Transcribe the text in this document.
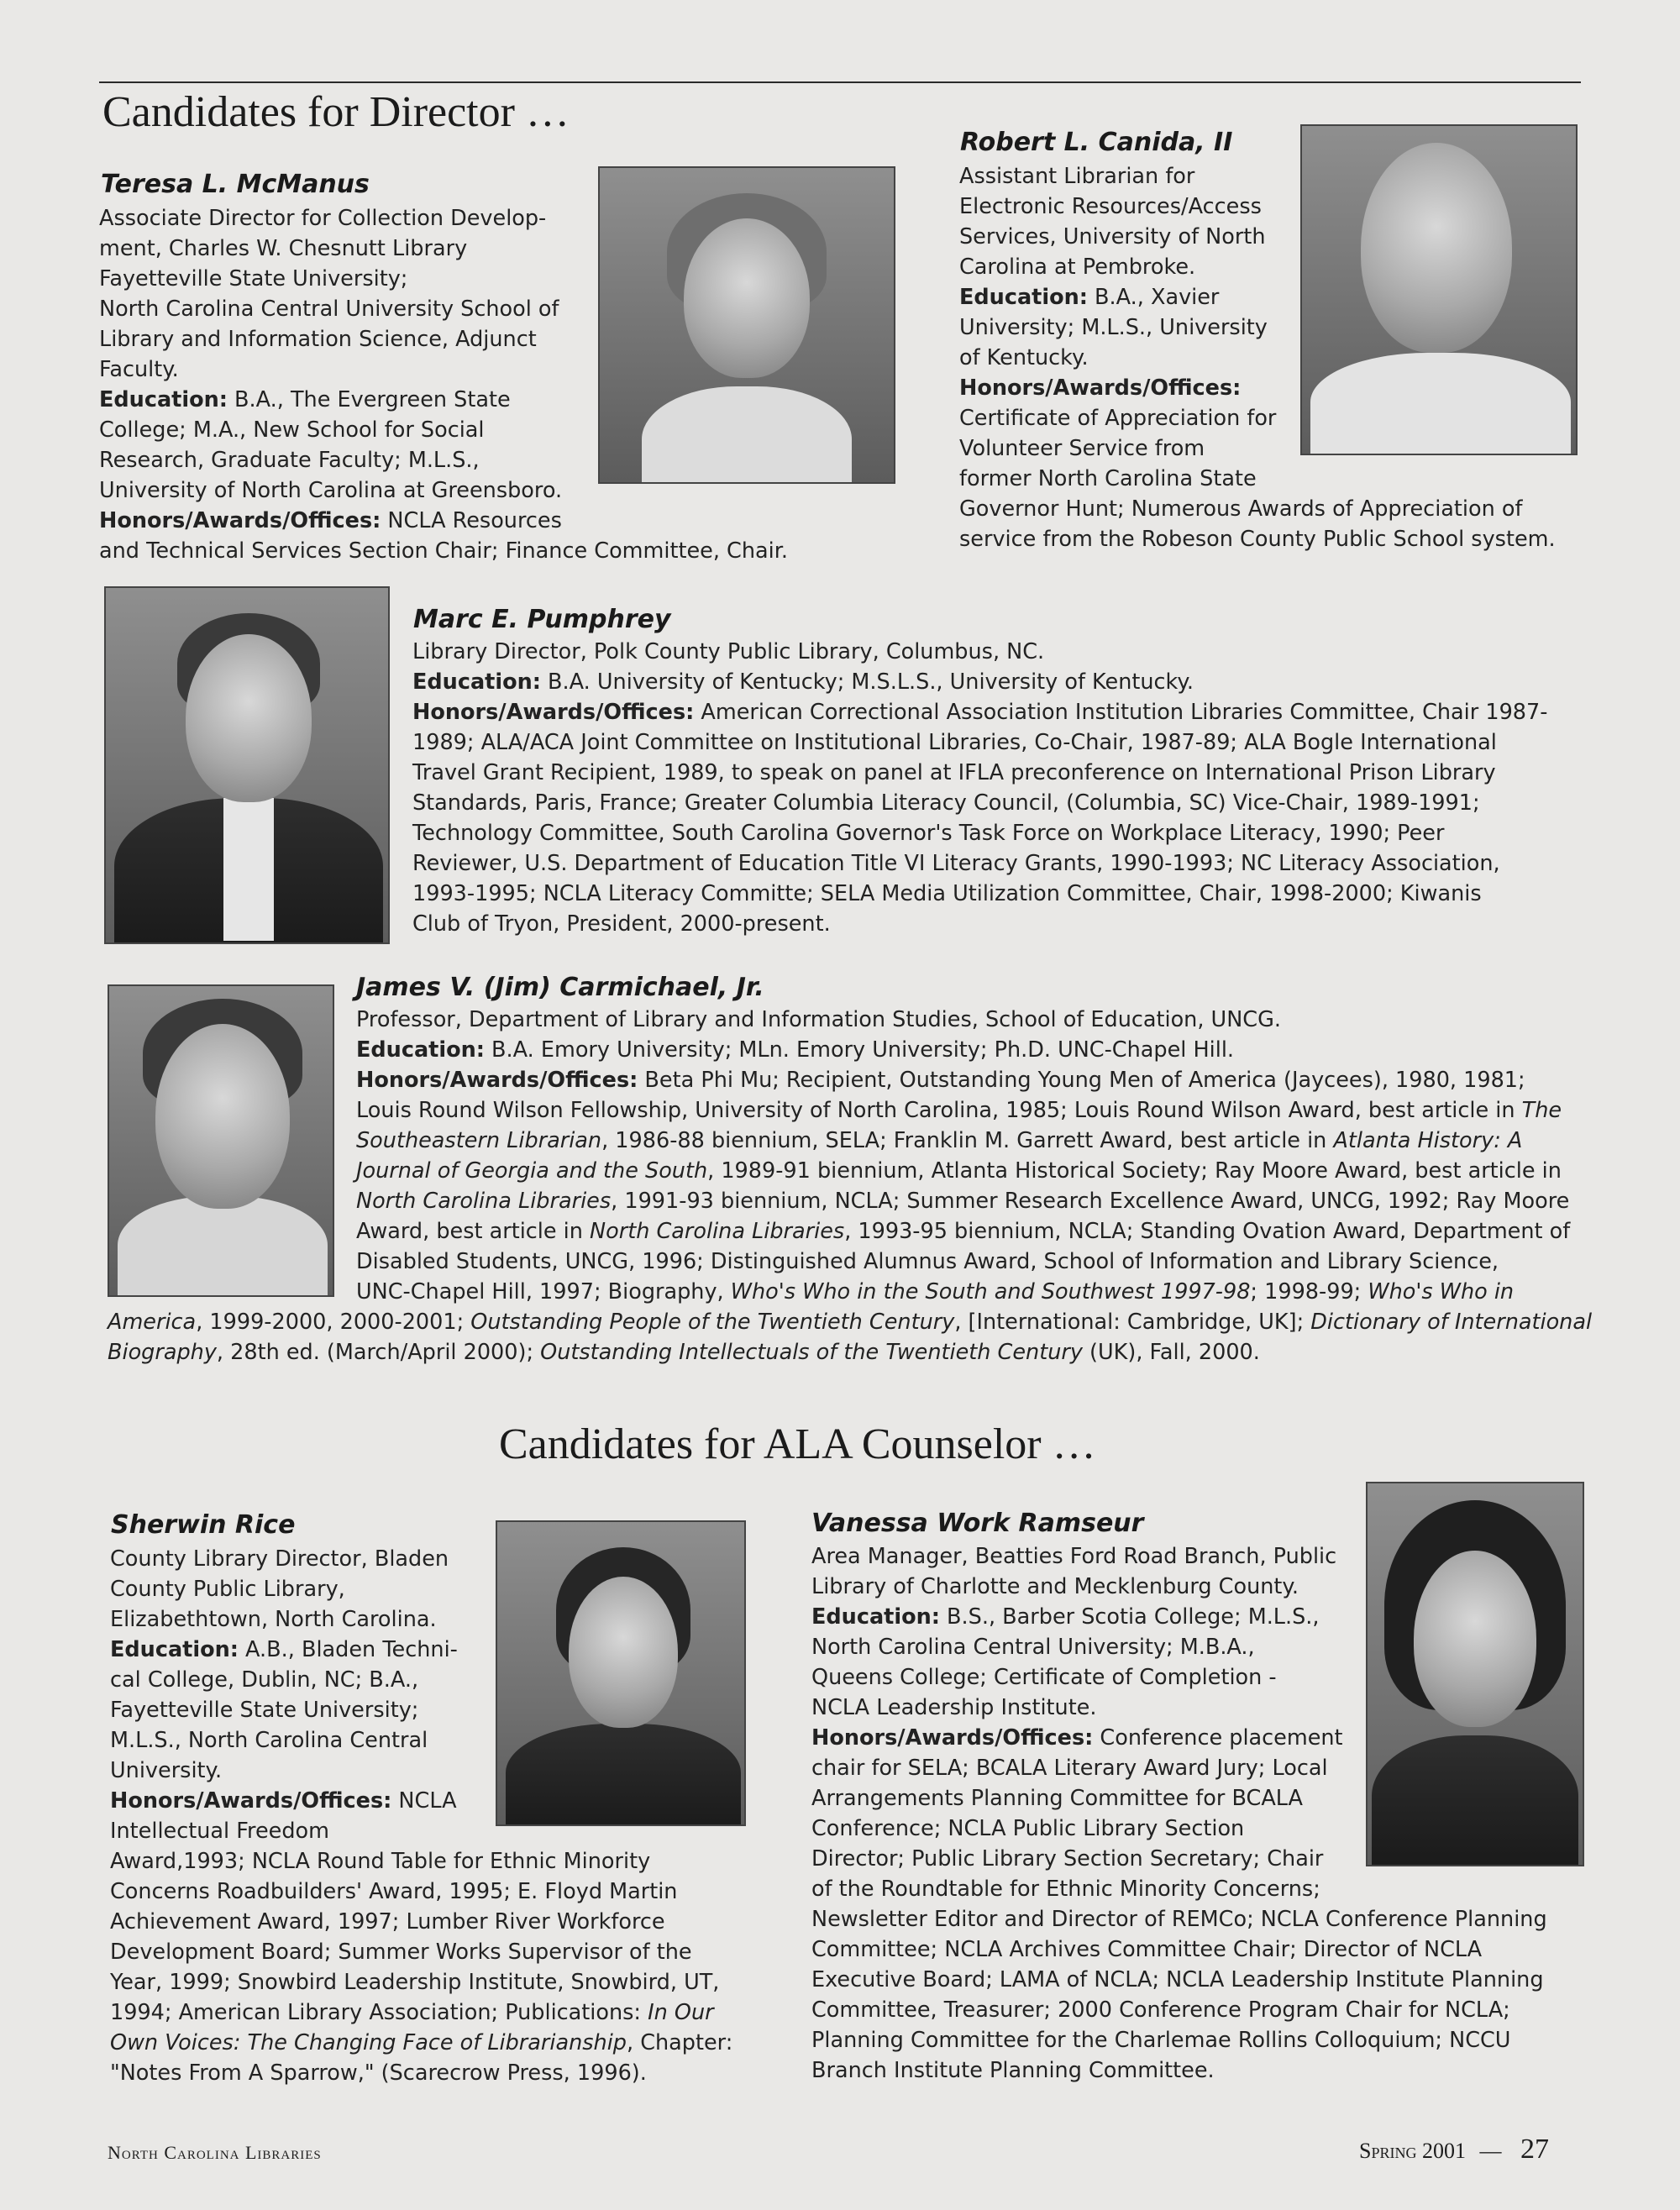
Candidates for Director …
Teresa L. McManus

Associate Director for Collection Develop-

ment, Charles W. Chesnutt Library

Fayetteville State University;

North Carolina Central University School of

Library and Information Science, Adjunct

Faculty.

Education: B.A., The Evergreen State

College; M.A., New School for Social

Research, Graduate Faculty; M.L.S.,

University of North Carolina at Greensboro.

Honors/Awards/Offices: NCLA Resources

and Technical Services Section Chair; Finance Committee, Chair.

Robert L. Canida, II

Assistant Librarian for

Electronic Resources/Access

Services, University of North

Carolina at Pembroke.

Education: B.A., Xavier

University; M.L.S., University

of Kentucky.

Honors/Awards/Offices:

Certificate of Appreciation for

Volunteer Service from

former North Carolina State

Governor Hunt; Numerous Awards of Appreciation of

service from the Robeson County Public School system.

Marc E. Pumphrey

Library Director, Polk County Public Library, Columbus, NC.

Education: B.A. University of Kentucky; M.S.L.S., University of Kentucky.

Honors/Awards/Offices: American Correctional Association Institution Libraries Committee, Chair 1987-

1989; ALA/ACA Joint Committee on Institutional Libraries, Co-Chair, 1987-89; ALA Bogle International

Travel Grant Recipient, 1989, to speak on panel at IFLA preconference on International Prison Library

Standards, Paris, France; Greater Columbia Literacy Council, (Columbia, SC) Vice-Chair, 1989-1991;

Technology Committee, South Carolina Governor's Task Force on Workplace Literacy, 1990; Peer

Reviewer, U.S. Department of Education Title VI Literacy Grants, 1990-1993; NC Literacy Association,

1993-1995; NCLA Literacy Committe; SELA Media Utilization Committee, Chair, 1998-2000; Kiwanis

Club of Tryon, President, 2000-present.

James V. (Jim) Carmichael, Jr.

Professor, Department of Library and Information Studies, School of Education, UNCG.

Education: B.A. Emory University; MLn. Emory University; Ph.D. UNC-Chapel Hill.

Honors/Awards/Offices: Beta Phi Mu; Recipient, Outstanding Young Men of America (Jaycees), 1980, 1981;

Louis Round Wilson Fellowship, University of North Carolina, 1985; Louis Round Wilson Award, best article in The

Southeastern Librarian, 1986-88 biennium, SELA; Franklin M. Garrett Award, best article in Atlanta History: A

Journal of Georgia and the South, 1989-91 biennium, Atlanta Historical Society; Ray Moore Award, best article in

North Carolina Libraries, 1991-93 biennium, NCLA; Summer Research Excellence Award, UNCG, 1992; Ray Moore

Award, best article in North Carolina Libraries, 1993-95 biennium, NCLA; Standing Ovation Award, Department of

Disabled Students, UNCG, 1996; Distinguished Alumnus Award, School of Information and Library Science,

UNC-Chapel Hill, 1997; Biography, Who's Who in the South and Southwest 1997-98; 1998-99; Who's Who in

America, 1999-2000, 2000-2001; Outstanding People of the Twentieth Century, [International: Cambridge, UK]; Dictionary of International

Biography, 28th ed. (March/April 2000); Outstanding Intellectuals of the Twentieth Century (UK), Fall, 2000.

Candidates for ALA Counselor …
Sherwin Rice

County Library Director, Bladen

County Public Library,

Elizabethtown, North Carolina.

Education: A.B., Bladen Techni-

cal College, Dublin, NC; B.A.,

Fayetteville State University;

M.L.S., North Carolina Central

University.

Honors/Awards/Offices: NCLA

Intellectual Freedom

Award,1993; NCLA Round Table for Ethnic Minority

Concerns Roadbuilders' Award, 1995; E. Floyd Martin

Achievement Award, 1997; Lumber River Workforce

Development Board; Summer Works Supervisor of the

Year, 1999; Snowbird Leadership Institute, Snowbird, UT,

1994; American Library Association; Publications: In Our

Own Voices: The Changing Face of Librarianship, Chapter:

"Notes From A Sparrow," (Scarecrow Press, 1996).

Vanessa Work Ramseur

Area Manager, Beatties Ford Road Branch, Public

Library of Charlotte and Mecklenburg County.

Education: B.S., Barber Scotia College; M.L.S.,

North Carolina Central University; M.B.A.,

Queens College; Certificate of Completion -

NCLA Leadership Institute.

Honors/Awards/Offices: Conference placement

chair for SELA; BCALA Literary Award Jury; Local

Arrangements Planning Committee for BCALA

Conference; NCLA Public Library Section

Director; Public Library Section Secretary; Chair

of the Roundtable for Ethnic Minority Concerns;

Newsletter Editor and Director of REMCo; NCLA Conference Planning

Committee; NCLA Archives Committee Chair; Director of NCLA

Executive Board; LAMA of NCLA; NCLA Leadership Institute Planning

Committee, Treasurer; 2000 Conference Program Chair for NCLA;

Planning Committee for the Charlemae Rollins Colloquium; NCCU

Branch Institute Planning Committee.

North Carolina Libraries	Spring 2001 — 27
